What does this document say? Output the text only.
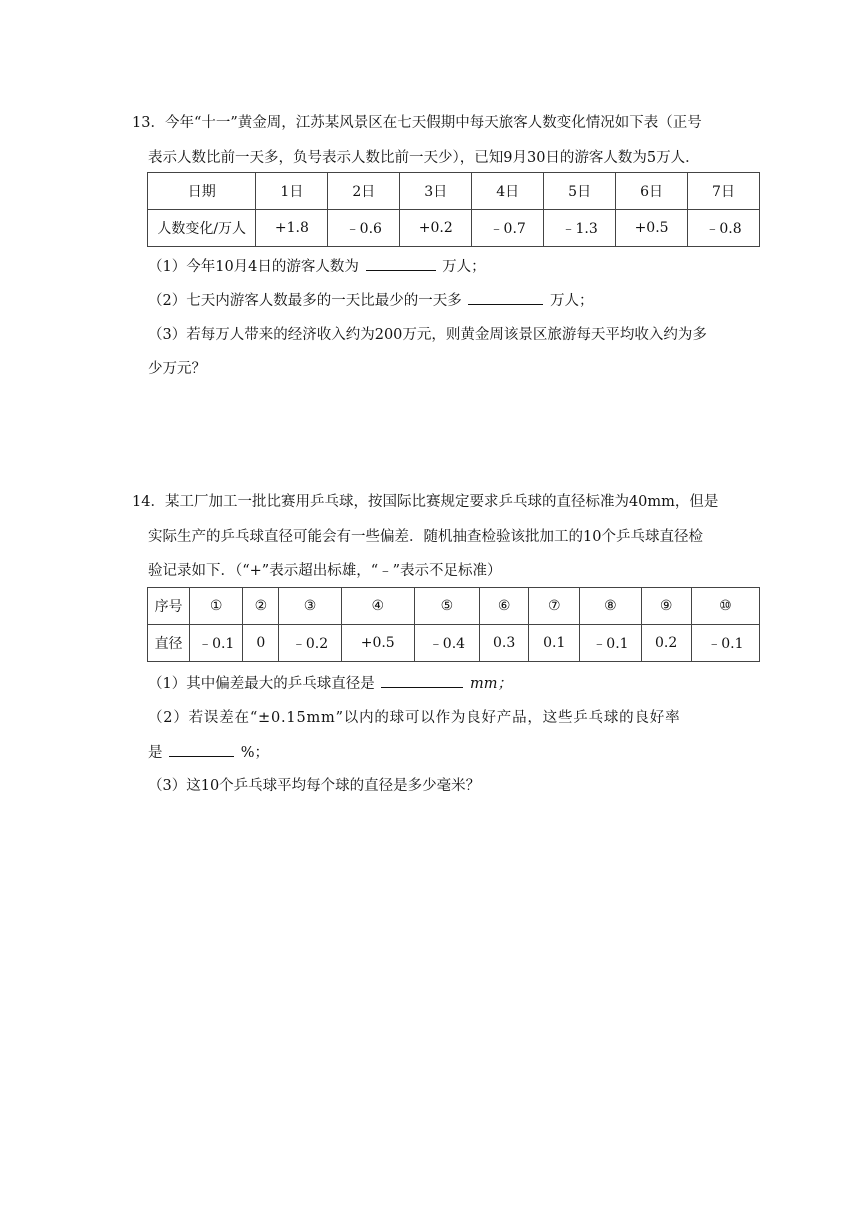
13．今年“十一”黄金周，江苏某风景区在七天假期中每天旅客人数变化情况如下表（正号
表示人数比前一天多，负号表示人数比前一天少），已知9月30日的游客人数为5万人．
日期	1日	2日	3日	4日	5日	6日	7日
人数变化/万人	+1.8	﹣0.6	+0.2	﹣0.7	﹣1.3	+0.5	﹣0.8
（1）今年10月4日的游客人数为	万人；
（2）七天内游客人数最多的一天比最少的一天多	万人；
（3）若每万人带来的经济收入约为200万元，则黄金周该景区旅游每天平均收入约为多
少万元？
14．某工厂加工一批比赛用乒乓球，按国际比赛规定要求乒乓球的直径标准为40mm，但是
实际生产的乒乓球直径可能会有一些偏差．随机抽查检验该批加工的10个乒乓球直径检
验记录如下．（“+”表示超出标雄，“﹣”表示不足标准）
序号	①	②	③	④	⑤	⑥	⑦	⑧	⑨	⑩
直径	﹣0.1	0	﹣0.2	+0.5	﹣0.4	0.3	0.1	﹣0.1	0.2	﹣0.1
（1）其中偏差最大的乒乓球直径是	mm；
（2）若误差在“±0.15mm”以内的球可以作为良好产品，这些乒乓球的良好率
是	%；
（3）这10个乒乓球平均每个球的直径是多少毫米？
